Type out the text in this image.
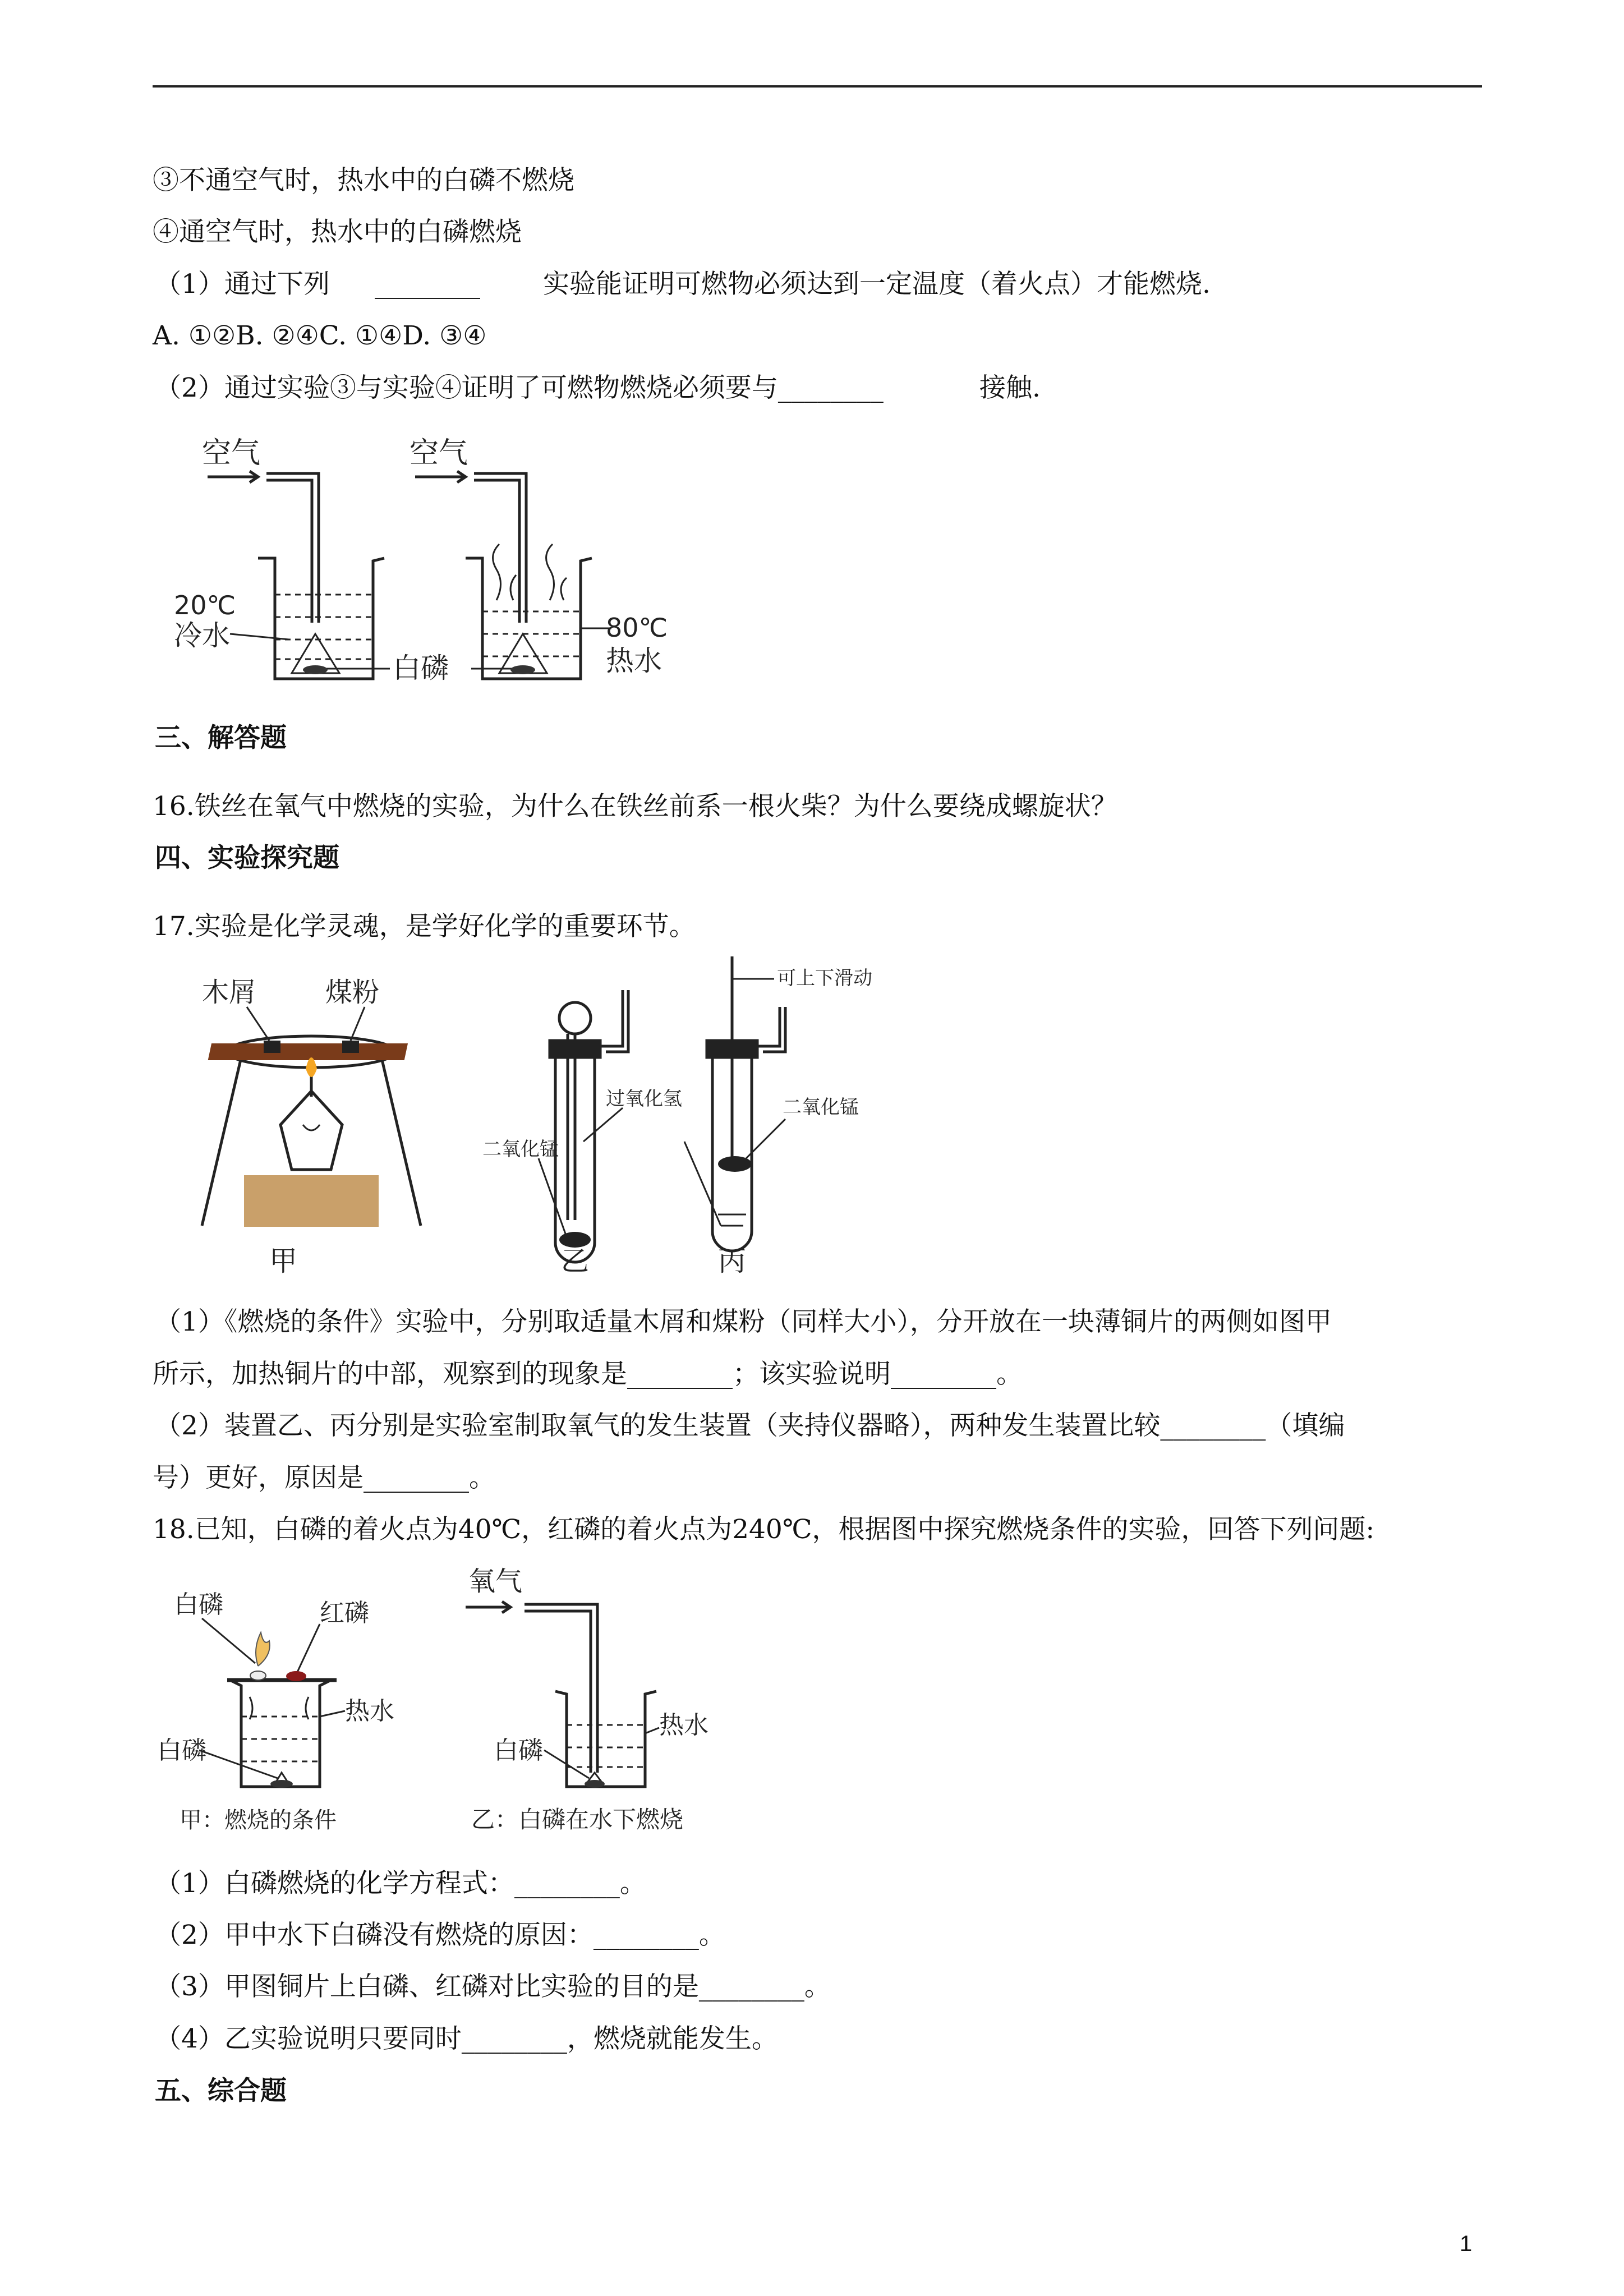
③不通空气时，热水中的白磷不燃烧
④通空气时，热水中的白磷燃烧
（1）通过下列 ________ 实验能证明可燃物必须达到一定温度（着火点）才能燃烧.
A. ①②B. ②④C. ①④D. ③④
（2）通过实验③与实验④证明了可燃物燃烧必须要与________	接触.
空气	空气
20℃
冷水
白磷
80℃
热水
三、解答题
16.铁丝在氧气中燃烧的实验，为什么在铁丝前系一根火柴？为什么要绕成螺旋状？
四、实验探究题
17.实验是化学灵魂，是学好化学的重要环节。
木屑	煤粉
甲
二氧化锰
过氧化氢
乙
可上下滑动
二氧化锰
丙
（1）《燃烧的条件》实验中，分别取适量木屑和煤粉（同样大小），分开放在一块薄铜片的两侧如图甲
所示，加热铜片的中部，观察到的现象是________；该实验说明________。
（2）装置乙、丙分别是实验室制取氧气的发生装置（夹持仪器略），两种发生装置比较________（填编
号）更好，原因是________。
18.已知，白磷的着火点为40℃，红磷的着火点为240℃，根据图中探究燃烧条件的实验，回答下列问题:
白磷	红磷
热水
白磷
甲：燃烧的条件
氧气
热水
白磷
乙：白磷在水下燃烧
（1）白磷燃烧的化学方程式：________。
（2）甲中水下白磷没有燃烧的原因：________。
（3）甲图铜片上白磷、红磷对比实验的目的是________。
（4）乙实验说明只要同时________，燃烧就能发生。
五、综合题
1
